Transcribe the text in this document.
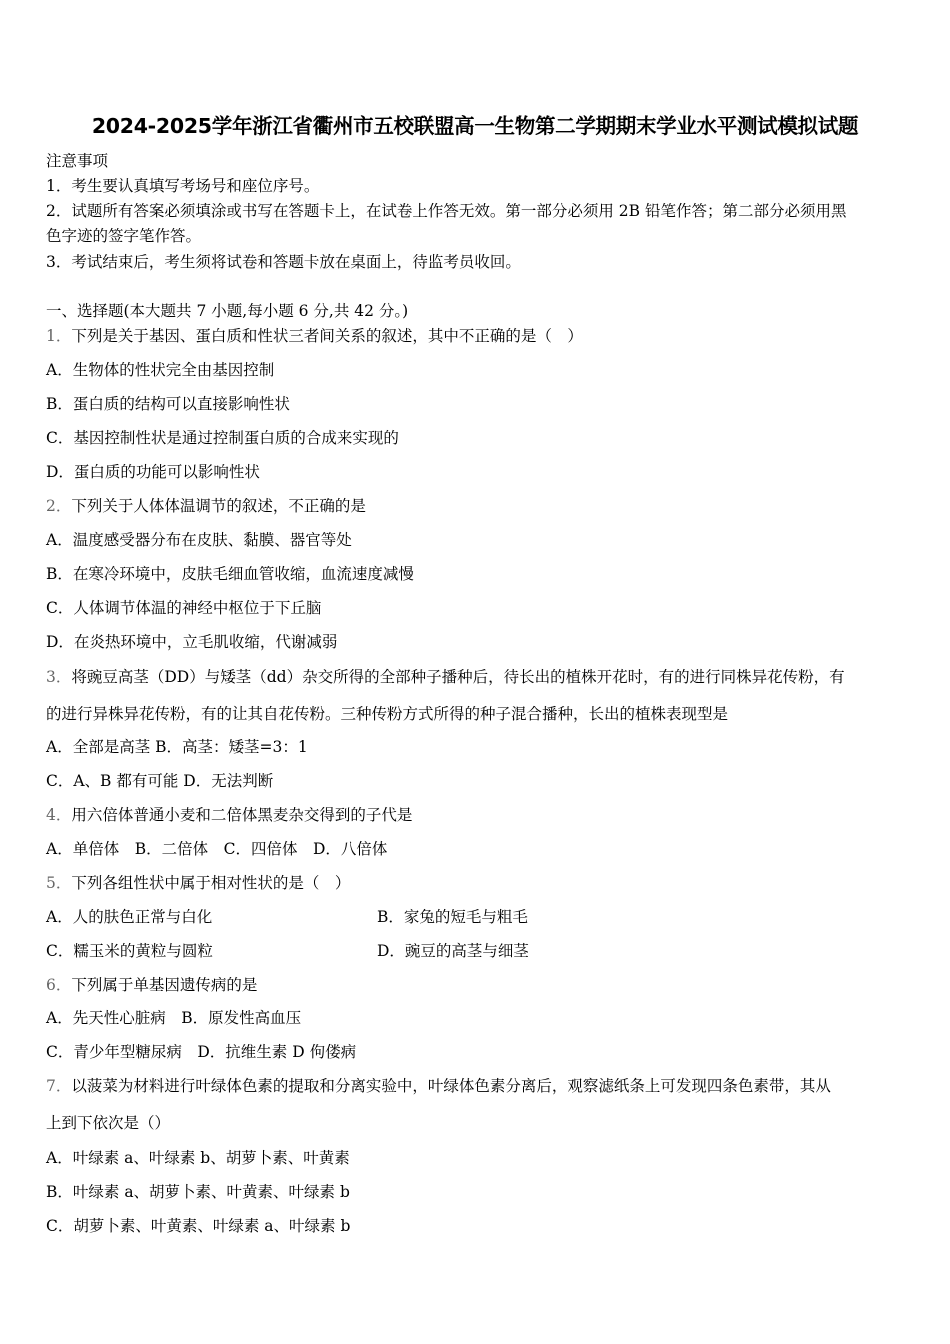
2024-2025学年浙江省衢州市五校联盟高一生物第二学期期末学业水平测试模拟试题
注意事项
1．考生要认真填写考场号和座位序号。
2．试题所有答案必须填涂或书写在答题卡上，在试卷上作答无效。第一部分必须用 2B 铅笔作答；第二部分必须用黑
色字迹的签字笔作答。
3．考试结束后，考生须将试卷和答题卡放在桌面上，待监考员收回。
一、选择题(本大题共 7 小题,每小题 6 分,共 42 分。)
1．下列是关于基因、蛋白质和性状三者间关系的叙述，其中不正确的是（　）
A．生物体的性状完全由基因控制
B．蛋白质的结构可以直接影响性状
C．基因控制性状是通过控制蛋白质的合成来实现的
D．蛋白质的功能可以影响性状
2．下列关于人体体温调节的叙述，不正确的是
A．温度感受器分布在皮肤、黏膜、器官等处
B．在寒冷环境中，皮肤毛细血管收缩，血流速度减慢
C．人体调节体温的神经中枢位于下丘脑
D．在炎热环境中，立毛肌收缩，代谢减弱
3．将豌豆高茎（DD）与矮茎（dd）杂交所得的全部种子播种后，待长出的植株开花时，有的进行同株异花传粉，有
的进行异株异花传粉，有的让其自花传粉。三种传粉方式所得的种子混合播种，长出的植株表现型是
A．全部是高茎 B．高茎：矮茎=3：1
C．A、B 都有可能 D．无法判断
4．用六倍体普通小麦和二倍体黑麦杂交得到的子代是
A．单倍体　B．二倍体　C．四倍体　D．八倍体
5．下列各组性状中属于相对性状的是（　）
A．人的肤色正常与白化	B．家兔的短毛与粗毛
C．糯玉米的黄粒与圆粒	D．豌豆的高茎与细茎
6．下列属于单基因遗传病的是
A．先天性心脏病　B．原发性高血压
C．青少年型糖尿病　D．抗维生素 D 佝偻病
7．以菠菜为材料进行叶绿体色素的提取和分离实验中，叶绿体色素分离后，观察滤纸条上可发现四条色素带，其从
上到下依次是（）
A．叶绿素 a、叶绿素 b、胡萝卜素、叶黄素
B．叶绿素 a、胡萝卜素、叶黄素、叶绿素 b
C．胡萝卜素、叶黄素、叶绿素 a、叶绿素 b
